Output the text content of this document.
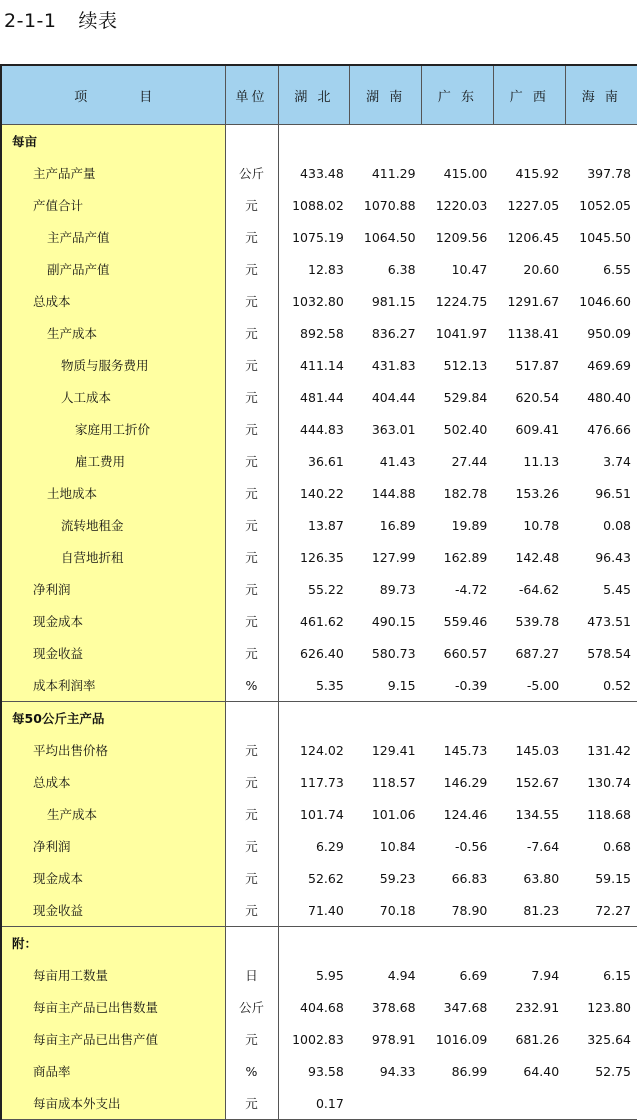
2-1-1 续表
项 目	单位	湖 北	湖 南	广 东	广 西	海 南
每亩						
主产品产量	公斤	433.48	411.29	415.00	415.92	397.78
产值合计	元	1088.02	1070.88	1220.03	1227.05	1052.05
主产品产值	元	1075.19	1064.50	1209.56	1206.45	1045.50
副产品产值	元	12.83	6.38	10.47	20.60	6.55
总成本	元	1032.80	981.15	1224.75	1291.67	1046.60
生产成本	元	892.58	836.27	1041.97	1138.41	950.09
物质与服务费用	元	411.14	431.83	512.13	517.87	469.69
人工成本	元	481.44	404.44	529.84	620.54	480.40
家庭用工折价	元	444.83	363.01	502.40	609.41	476.66
雇工费用	元	36.61	41.43	27.44	11.13	3.74
土地成本	元	140.22	144.88	182.78	153.26	96.51
流转地租金	元	13.87	16.89	19.89	10.78	0.08
自营地折租	元	126.35	127.99	162.89	142.48	96.43
净利润	元	55.22	89.73	-4.72	-64.62	5.45
现金成本	元	461.62	490.15	559.46	539.78	473.51
现金收益	元	626.40	580.73	660.57	687.27	578.54
成本利润率	%	5.35	9.15	-0.39	-5.00	0.52
每50公斤主产品						
平均出售价格	元	124.02	129.41	145.73	145.03	131.42
总成本	元	117.73	118.57	146.29	152.67	130.74
生产成本	元	101.74	101.06	124.46	134.55	118.68
净利润	元	6.29	10.84	-0.56	-7.64	0.68
现金成本	元	52.62	59.23	66.83	63.80	59.15
现金收益	元	71.40	70.18	78.90	81.23	72.27
附：						
每亩用工数量	日	5.95	4.94	6.69	7.94	6.15
每亩主产品已出售数量	公斤	404.68	378.68	347.68	232.91	123.80
每亩主产品已出售产值	元	1002.83	978.91	1016.09	681.26	325.64
商品率	%	93.58	94.33	86.99	64.40	52.75
每亩成本外支出	元	0.17				
